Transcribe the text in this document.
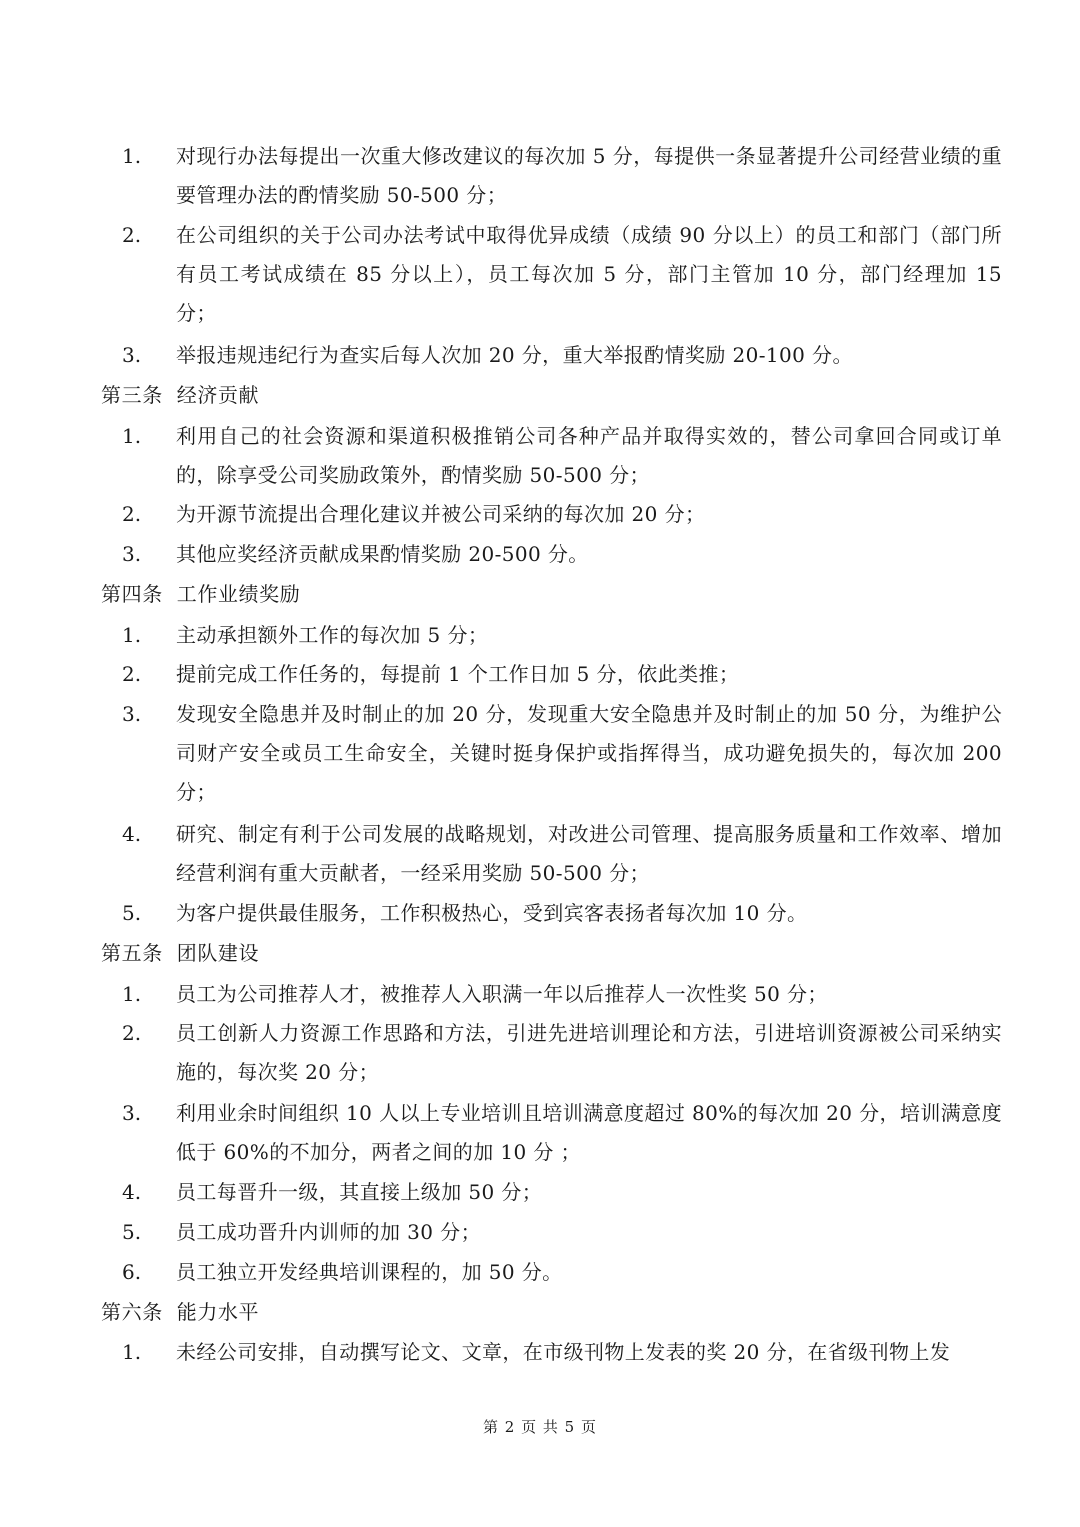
1.	对现行办法每提出一次重大修改建议的每次加 5 分，每提供一条显著提升公司经营业绩的重要管理办法的酌情奖励 50-500 分；
2.	在公司组织的关于公司办法考试中取得优异成绩（成绩 90 分以上）的员工和部门（部门所有员工考试成绩在 85 分以上），员工每次加 5 分，部门主管加 10 分，部门经理加 15 分；
3.	举报违规违纪行为查实后每人次加 20 分，重大举报酌情奖励 20-100 分。
第三条  经济贡献
1.	利用自己的社会资源和渠道积极推销公司各种产品并取得实效的，替公司拿回合同或订单的，除享受公司奖励政策外，酌情奖励 50-500 分；
2.	为开源节流提出合理化建议并被公司采纳的每次加 20 分；
3.	其他应奖经济贡献成果酌情奖励 20-500 分。
第四条  工作业绩奖励
1.	主动承担额外工作的每次加 5 分；
2.	提前完成工作任务的，每提前 1 个工作日加 5 分，依此类推；
3.	发现安全隐患并及时制止的加 20 分，发现重大安全隐患并及时制止的加 50 分，为维护公司财产安全或员工生命安全，关键时挺身保护或指挥得当，成功避免损失的，每次加 200 分；
4.	研究、制定有利于公司发展的战略规划，对改进公司管理、提高服务质量和工作效率、增加经营利润有重大贡献者，一经采用奖励 50-500 分；
5.	为客户提供最佳服务，工作积极热心，受到宾客表扬者每次加 10 分。
第五条  团队建设
1.	员工为公司推荐人才，被推荐人入职满一年以后推荐人一次性奖 50 分；
2.	员工创新人力资源工作思路和方法，引进先进培训理论和方法，引进培训资源被公司采纳实施的，每次奖 20 分；
3.	利用业余时间组织 10 人以上专业培训且培训满意度超过 80%的每次加 20 分，培训满意度低于 60%的不加分，两者之间的加 10 分 ；
4.	员工每晋升一级，其直接上级加 50 分；
5.	员工成功晋升内训师的加 30 分；
6.	员工独立开发经典培训课程的，加 50 分。
第六条  能力水平
1.	未经公司安排，自动撰写论文、文章，在市级刊物上发表的奖 20 分，在省级刊物上发
第 2 页 共 5 页
